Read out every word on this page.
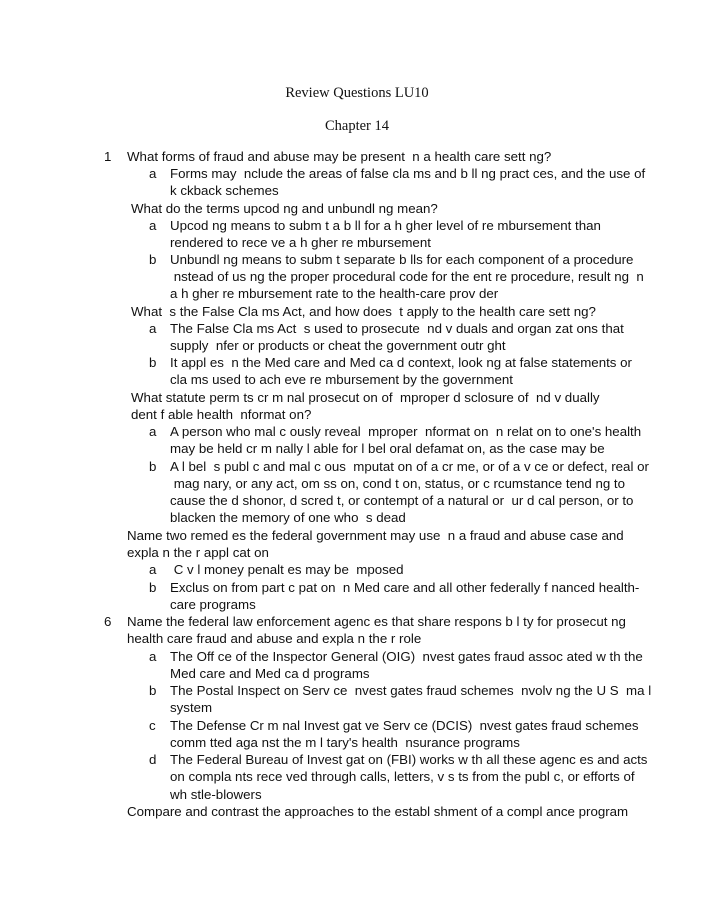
Review Questions LU10
Chapter 14
1 What forms of fraud and abuse may be present  n a health care sett ng?
a Forms may  nclude the areas of false cla ms and b ll ng pract ces, and the use of
k ckback schemes
What do the terms upcod ng and unbundl ng mean?
a Upcod ng means to subm t a b ll for a h gher level of re mbursement than
rendered to rece ve a h gher re mbursement
b Unbundl ng means to subm t separate b lls for each component of a procedure
nstead of us ng the proper procedural code for the ent re procedure, result ng  n
a h gher re mbursement rate to the health-care prov der
What  s the False Cla ms Act, and how does  t apply to the health care sett ng?
a The False Cla ms Act  s used to prosecute  nd v duals and organ zat ons that
supply  nfer or products or cheat the government outr ght
b It appl es  n the Med care and Med ca d context, look ng at false statements or
cla ms used to ach eve re mbursement by the government
What statute perm ts cr m nal prosecut on of  mproper d sclosure of  nd v dually
dent f able health  nformat on?
a A person who mal c ously reveal  mproper  nformat on  n relat on to one's health
may be held cr m nally l able for l bel oral defamat on, as the case may be
b A l bel  s publ c and mal c ous  mputat on of a cr me, or of a v ce or defect, real or
mag nary, or any act, om ss on, cond t on, status, or c rcumstance tend ng to
cause the d shonor, d scred t, or contempt of a natural or  ur d cal person, or to
blacken the memory of one who  s dead
Name two remed es the federal government may use  n a fraud and abuse case and
expla n the r appl cat on
a C v l money penalt es may be  mposed
b Exclus on from part c pat on  n Med care and all other federally f nanced health-
care programs
6 Name the federal law enforcement agenc es that share respons b l ty for prosecut ng
health care fraud and abuse and expla n the r role
a The Off ce of the Inspector General (OIG)  nvest gates fraud assoc ated w th the
Med care and Med ca d programs
b The Postal Inspect on Serv ce  nvest gates fraud schemes  nvolv ng the U S  ma l
system
c The Defense Cr m nal Invest gat ve Serv ce (DCIS)  nvest gates fraud schemes
comm tted aga nst the m l tary's health  nsurance programs
d The Federal Bureau of Invest gat on (FBI) works w th all these agenc es and acts
on compla nts rece ved through calls, letters, v s ts from the publ c, or efforts of
wh stle-blowers
Compare and contrast the approaches to the establ shment of a compl ance program
